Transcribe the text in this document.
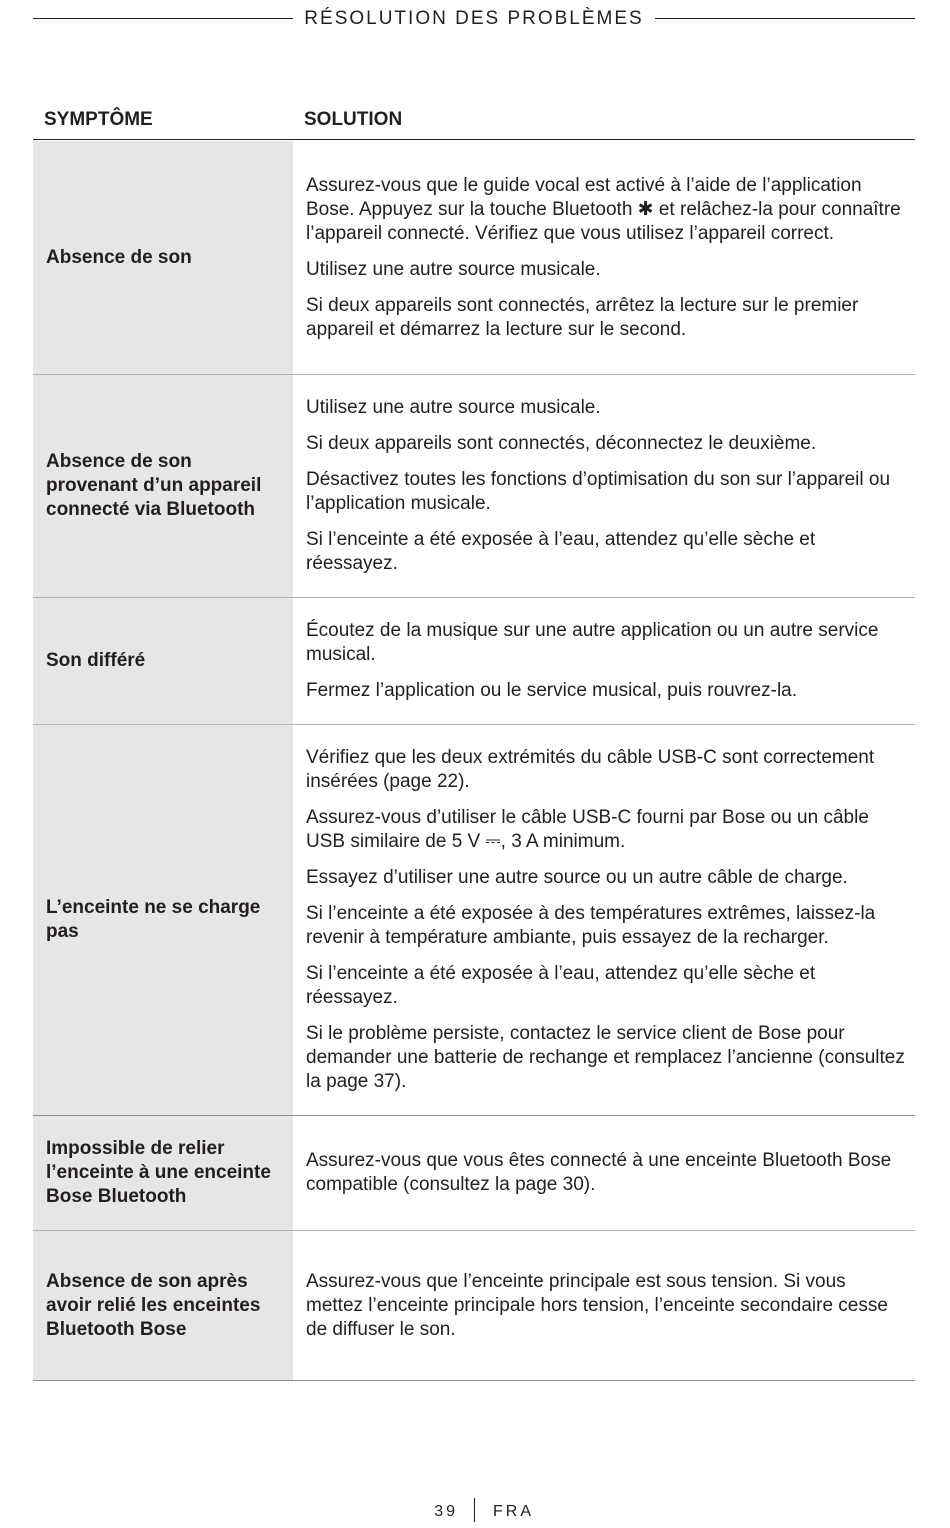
RÉSOLUTION DES PROBLÈMES
SYMPTÔME	SOLUTION
Absence de son

Assurez-vous que le guide vocal est activé à l’aide de l’application Bose. Appuyez sur la touche Bluetooth ✱ et relâchez-la pour connaître l’appareil connecté. Vérifiez que vous utilisez l’appareil correct.

Utilisez une autre source musicale.

Si deux appareils sont connectés, arrêtez la lecture sur le premier appareil et démarrez la lecture sur le second.

Absence de son provenant d’un appareil connecté via Bluetooth

Utilisez une autre source musicale.

Si deux appareils sont connectés, déconnectez le deuxième.

Désactivez toutes les fonctions d’optimisation du son sur l’appareil ou l’application musicale.

Si l’enceinte a été exposée à l’eau, attendez qu’elle sèche et réessayez.

Son différé

Écoutez de la musique sur une autre application ou un autre service musical.

Fermez l’application ou le service musical, puis rouvrez-la.

L’enceinte ne se charge pas

Vérifiez que les deux extrémités du câble USB-C sont correctement insérées (page 22).

Assurez-vous d’utiliser le câble USB-C fourni par Bose ou un câble USB similaire de 5 V ⎓, 3 A minimum.

Essayez d’utiliser une autre source ou un autre câble de charge.

Si l’enceinte a été exposée à des températures extrêmes, laissez-la revenir à température ambiante, puis essayez de la recharger.

Si l’enceinte a été exposée à l’eau, attendez qu’elle sèche et réessayez.

Si le problème persiste, contactez le service client de Bose pour demander une batterie de rechange et remplacez l’ancienne (consultez la page 37).

Impossible de relier l’enceinte à une enceinte Bose Bluetooth

Assurez-vous que vous êtes connecté à une enceinte Bluetooth Bose compatible (consultez la page 30).

Absence de son après avoir relié les enceintes Bluetooth Bose

Assurez-vous que l’enceinte principale est sous tension. Si vous mettez l’enceinte principale hors tension, l’enceinte secondaire cesse de diffuser le son.

39 FRA
